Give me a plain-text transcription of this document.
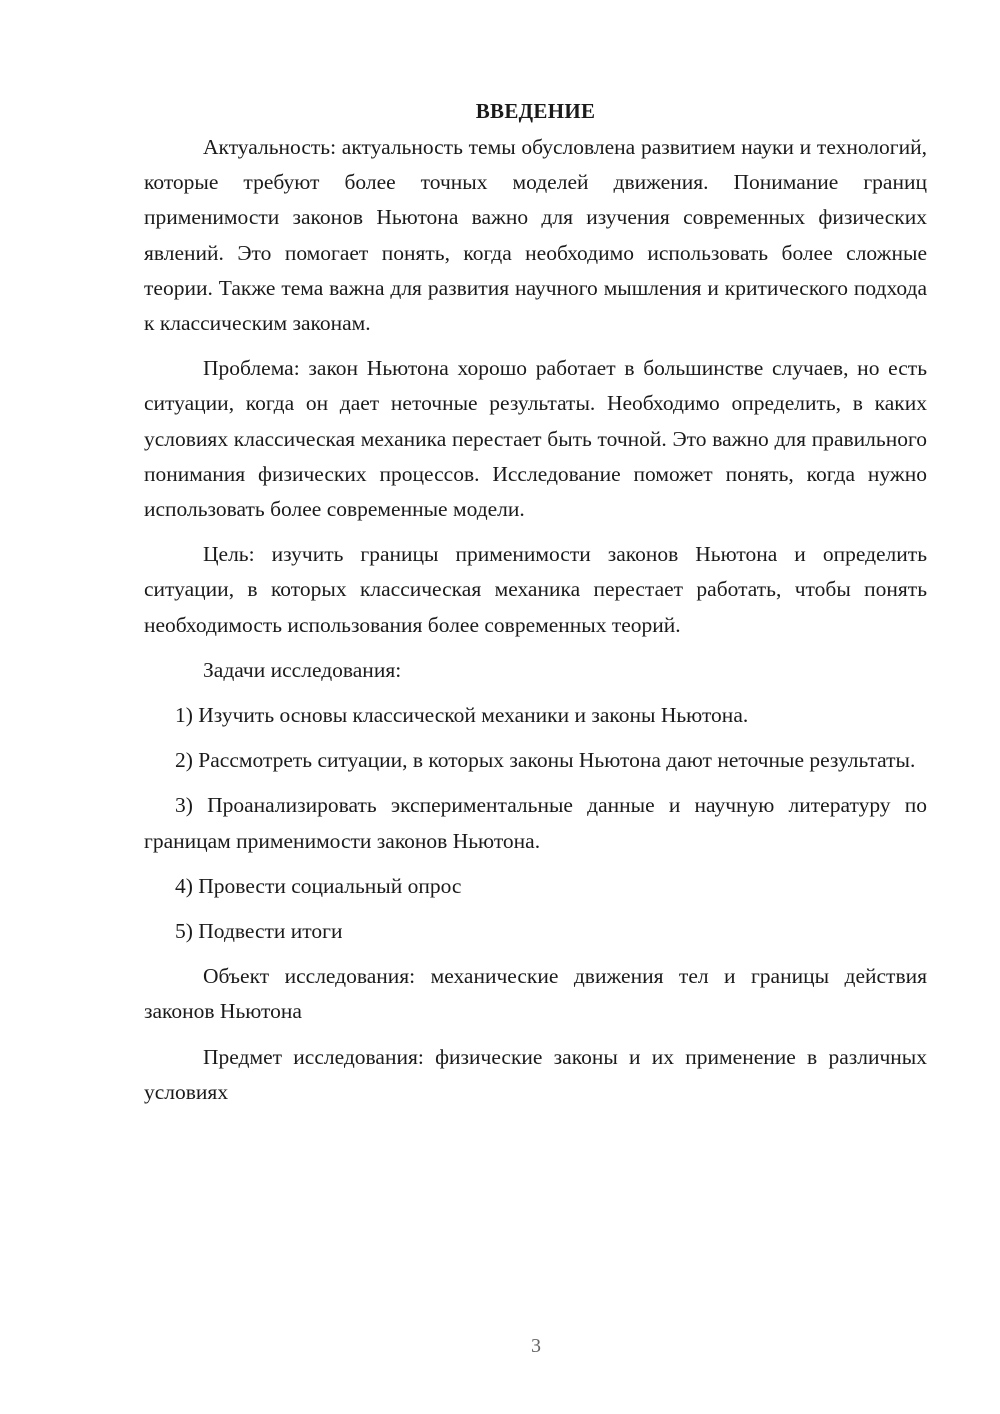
ВВЕДЕНИЕ

Актуальность: актуальность темы обусловлена развитием науки и технологий, которые требуют более точных моделей движения. Понимание границ применимости законов Ньютона важно для изучения современных физических явлений. Это помогает понять, когда необходимо использовать более сложные теории. Также тема важна для развития научного мышления и критического подхода к классическим законам.

Проблема: закон Ньютона хорошо работает в большинстве случаев, но есть ситуации, когда он дает неточные результаты. Необходимо определить, в каких условиях классическая механика перестает быть точной. Это важно для правильного понимания физических процессов. Исследование поможет понять, когда нужно использовать более современные модели.

Цель: изучить границы применимости законов Ньютона и определить ситуации, в которых классическая механика перестает работать, чтобы понять необходимость использования более современных теорий.

Задачи исследования:

1) Изучить основы классической механики и законы Ньютона.

2) Рассмотреть ситуации, в которых законы Ньютона дают неточные результаты.

3) Проанализировать экспериментальные данные и научную литературу по границам применимости законов Ньютона.

4) Провести социальный опрос

5) Подвести итоги

Объект исследования: механические движения тел и границы действия законов Ньютона

Предмет исследования: физические законы и их применение в различных условиях

3
